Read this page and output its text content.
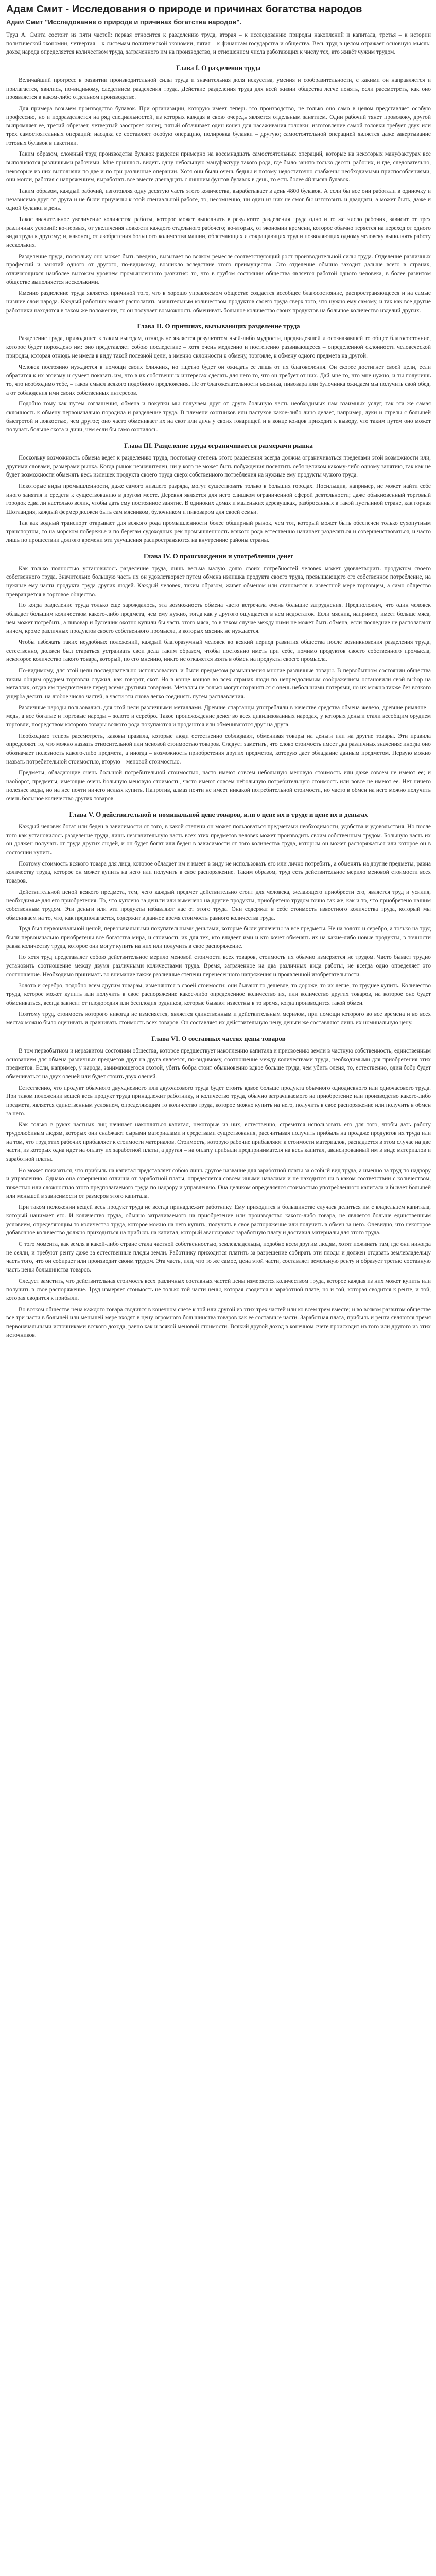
Адам Смит - Исследования о природе и причинах богатства народов
Адам Смит "Исследование о природе и причинах богатства народов".

Труд А. Смита состоит из пяти частей: первая относится к разделению труда, вторая – к исследованию природы накоплений и капитала, третья – к истории политической экономии, четвертая – к системам политической экономии, пятая – к финансам государства и общества. Весь труд в целом отражает основную мысль: доход народа определяется количеством труда, затраченного им на производство, и отношением числа работающих к числу тех, кто живёт чужим трудом.

Глава I. О разделении труда

Величайший прогресс в развитии производительной силы труда и значительная доля искусства, умения и сообразительности, с какими он направляется и прилагается, явились, по-видимому, следствием разделения труда. Действие разделения труда для всей жизни общества легче понять, если рассмотреть, как оно проявляется в каком-либо отдельном производстве.

Для примера возьмем производство булавок. При организации, которую имеет теперь это производство, не только оно само в целом представляет особую профессию, но и подразделяется на ряд специальностей, из которых каждая в свою очередь является отдельным занятием. Один рабочий тянет проволоку, другой выпрямляет ее, третий обрезает, четвертый заостряет конец, пятый обтачивает один конец для насаживания головки; изготовление самой головки требует двух или трех самостоятельных операций; насадка ее составляет особую операцию, полировка булавки – другую; самостоятельной операцией является даже завертывание готовых булавок в пакетики.

Таким образом, сложный труд производства булавок разделен примерно на восемнадцать самостоятельных операций, которые на некоторых мануфактурах все выполняются различными рабочими. Мне пришлось видеть одну небольшую мануфактуру такого рода, где было занято только десять рабочих, и где, следовательно, некоторые из них выполняли по две и по три различные операции. Хотя они были очень бедны и потому недостаточно снабжены необходимыми приспособлениями, они могли, работая с напряжением, выработать все вместе двенадцать с лишним фунтов булавок в день, то есть более 48 тысяч булавок.

Таким образом, каждый рабочий, изготовляя одну десятую часть этого количества, вырабатывает в день 4800 булавок. А если бы все они работали в одиночку и независимо друг от друга и не были приучены к этой специальной работе, то, несомненно, ни один из них не смог бы изготовить и двадцати, а может быть, даже и одной булавки в день.

Такое значительное увеличение количества работы, которое может выполнить в результате разделения труда одно и то же число рабочих, зависит от трех различных условий: во-первых, от увеличения ловкости каждого отдельного рабочего; во-вторых, от экономии времени, которое обычно теряется на переход от одного вида труда к другому; и, наконец, от изобретения большого количества машин, облегчающих и сокращающих труд и позволяющих одному человеку выполнять работу нескольких.

Разделение труда, поскольку оно может быть введено, вызывает во всяком ремесле соответствующий рост производительной силы труда. Отделение различных профессий и занятий одного от другого, по-видимому, возникло вследствие этого преимущества. Это отделение обычно заходит дальше всего в странах, отличающихся наиболее высоким уровнем промышленного развития: то, что в грубом состоянии общества является работой одного человека, в более развитом обществе выполняется несколькими.

Именно разделение труда является причиной того, что в хорошо управляемом обществе создается всеобщее благосостояние, распространяющееся и на самые низшие слои народа. Каждый работник может располагать значительным количеством продуктов своего труда сверх того, что нужно ему самому, и так как все другие работники находятся в таком же положении, то он получает возможность обменивать большое количество своих продуктов на большое количество изделий других.

Глава II. О причинах, вызывающих разделение труда

Разделение труда, приводящее к таким выгодам, отнюдь не является результатом чьей-либо мудрости, предвидевшей и осознававшей то общее благосостояние, которое будет порождено им: оно представляет собою последствие – хотя очень медленно и постепенно развивающееся – определенной склонности человеческой природы, которая отнюдь не имела в виду такой полезной цели, а именно склонности к обмену, торговле, к обмену одного предмета на другой.

Человек постоянно нуждается в помощи своих ближних, но тщетно будет он ожидать ее лишь от их благоволения. Он скорее достигнет своей цели, если обратится к их эгоизму и сумеет показать им, что в их собственных интересах сделать для него то, что он требует от них. Дай мне то, что мне нужно, и ты получишь то, что необходимо тебе, – таков смысл всякого подобного предложения. Не от благожелательности мясника, пивовара или булочника ожидаем мы получить свой обед, а от соблюдения ими своих собственных интересов.

Подобно тому как путем соглашения, обмена и покупки мы получаем друг от друга большую часть необходимых нам взаимных услуг, так эта же самая склонность к обмену первоначально породила и разделение труда. В племени охотников или пастухов какое-либо лицо делает, например, луки и стрелы с большей быстротой и ловкостью, чем другое; оно часто обменивает их на скот или дичь у своих товарищей и в конце концов приходит к выводу, что таким путем оно может получать больше скота и дичи, чем если бы само охотилось.

Глава III. Разделение труда ограничивается размерами рынка

Поскольку возможность обмена ведет к разделению труда, постольку степень этого разделения всегда должна ограничиваться пределами этой возможности или, другими словами, размерами рынка. Когда рынок незначителен, ни у кого не может быть побуждения посвятить себя целиком какому-либо одному занятию, так как не будет возможности обменять весь излишек продукта своего труда сверх собственного потребления на нужные ему продукты чужого труда.

Некоторые виды промышленности, даже самого низшего разряда, могут существовать только в больших городах. Носильщик, например, не может найти себе иного занятия и средств к существованию в другом месте. Деревня является для него слишком ограниченной сферой деятельности; даже обыкновенный торговый городок едва ли настолько велик, чтобы дать ему постоянное занятие. В одиноких домах и маленьких деревушках, разбросанных в такой пустынной стране, как горная Шотландия, каждый фермер должен быть сам мясником, булочником и пивоваром для своей семьи.

Так как водный транспорт открывает для всякого рода промышленности более обширный рынок, чем тот, который может быть обеспечен только сухопутным транспортом, то на морском побережье и по берегам судоходных рек промышленность всякого рода естественно начинает разделяться и совершенствоваться, и часто лишь по прошествии долгого времени эти улучшения распространяются на внутренние районы страны.

Глава IV. О происхождении и употреблении денег

Как только полностью установилось разделение труда, лишь весьма малую долю своих потребностей человек может удовлетворить продуктом своего собственного труда. Значительно большую часть их он удовлетворяет путем обмена излишка продукта своего труда, превышающего его собственное потребление, на нужные ему части продукта труда других людей. Каждый человек, таким образом, живет обменом или становится в известной мере торговцем, а само общество превращается в торговое общество.

Но когда разделение труда только еще зарождалось, эта возможность обмена часто встречала очень большие затруднения. Предположим, что один человек обладает большим количеством какого-либо предмета, чем ему нужно, тогда как у другого ощущается в нем недостаток. Если мясник, например, имеет больше мяса, чем может потребить, а пивовар и булочник охотно купили бы часть этого мяса, то в таком случае между ними не может быть обмена, если последние не располагают ничем, кроме различных продуктов своего собственного промысла, в которых мясник не нуждается.

Чтобы избежать таких неудобных положений, каждый благоразумный человек во всякий период развития общества после возникновения разделения труда, естественно, должен был стараться устраивать свои дела таким образом, чтобы постоянно иметь при себе, помимо продуктов своего собственного промысла, некоторое количество такого товара, который, по его мнению, никто не откажется взять в обмен на продукты своего промысла.

По-видимому, для этой цели последовательно использовались и были предметом размышления многие различные товары. В первобытном состоянии общества таким общим орудием торговли служил, как говорят, скот. Но в конце концов во всех странах люди по непреодолимым соображениям остановили свой выбор на металлах, отдав им предпочтение перед всеми другими товарами. Металлы не только могут сохраняться с очень небольшими потерями, но их можно также без всякого ущерба делить на любое число частей, а части эти снова легко соединять путем расплавления.

Различные народы пользовались для этой цели различными металлами. Древние спартанцы употребляли в качестве средства обмена железо, древние римляне – медь, а все богатые и торговые народы – золото и серебро. Такое происхождение денег во всех цивилизованных народах, у которых деньги стали всеобщим орудием торговли, посредством которого товары всякого рода покупаются и продаются или обмениваются друг на друга.

Необходимо теперь рассмотреть, каковы правила, которые люди естественно соблюдают, обменивая товары на деньги или на другие товары. Эти правила определяют то, что можно назвать относительной или меновой стоимостью товаров. Следует заметить, что слово стоимость имеет два различных значения: иногда оно обозначает полезность какого-либо предмета, а иногда – возможность приобретения других предметов, которую дает обладание данным предметом. Первую можно назвать потребительной стоимостью, вторую – меновой стоимостью.

Предметы, обладающие очень большой потребительной стоимостью, часто имеют совсем небольшую меновую стоимость или даже совсем не имеют ее; и наоборот, предметы, имеющие очень большую меновую стоимость, часто имеют совсем небольшую потребительную стоимость или вовсе не имеют ее. Нет ничего полезнее воды, но на нее почти ничего нельзя купить. Напротив, алмаз почти не имеет никакой потребительной стоимости, но часто в обмен на него можно получить очень большое количество других товаров.

Глава V. О действительной и номинальной цене товаров, или о цене их в труде и цене их в деньгах

Каждый человек богат или беден в зависимости от того, в какой степени он может пользоваться предметами необходимости, удобства и удовольствия. Но после того как установилось разделение труда, лишь незначительную часть всех этих предметов человек может производить своим собственным трудом. Большую часть их он должен получать от труда других людей, и он будет богат или беден в зависимости от того количества труда, которым он может распоряжаться или которое он в состоянии купить.

Поэтому стоимость всякого товара для лица, которое обладает им и имеет в виду не использовать его или лично потребить, а обменять на другие предметы, равна количеству труда, которое он может купить на него или получить в свое распоряжение. Таким образом, труд есть действительное мерило меновой стоимости всех товаров.

Действительной ценой всякого предмета, тем, чего каждый предмет действительно стоит для человека, желающего приобрести его, является труд и усилия, необходимые для его приобретения. То, что куплено за деньги или выменено на другие продукты, приобретено трудом точно так же, как и то, что приобретено нашим собственным трудом. Эти деньги или эти продукты избавляют нас от этого труда. Они содержат в себе стоимость известного количества труда, который мы обмениваем на то, что, как предполагается, содержит в данное время стоимость равного количества труда.

Труд был первоначальной ценой, первоначальными покупательными деньгами, которые были уплачены за все предметы. Не на золото и серебро, а только на труд были первоначально приобретены все богатства мира, и стоимость их для тех, кто владеет ими и кто хочет обменять их на какие-либо новые продукты, в точности равна количеству труда, которое они могут купить на них или получить в свое распоряжение.

Но хотя труд представляет собою действительное мерило меновой стоимости всех товаров, стоимость их обычно измеряется не трудом. Часто бывает трудно установить соотношение между двумя различными количествами труда. Время, затраченное на два различных вида работы, не всегда одно определяет это соотношение. Необходимо принимать во внимание также различные степени перенесенного напряжения и проявленной изобретательности.

Золото и серебро, подобно всем другим товарам, изменяются в своей стоимости: они бывают то дешевле, то дороже, то их легче, то труднее купить. Количество труда, которое может купить или получить в свое распоряжение какое-либо определенное количество их, или количество других товаров, на которое оно будет обмениваться, всегда зависит от плодородия или бесплодия рудников, которые бывают известны в то время, когда производится такой обмен.

Поэтому труд, стоимость которого никогда не изменяется, является единственным и действительным мерилом, при помощи которого во все времена и во всех местах можно было оценивать и сравнивать стоимость всех товаров. Он составляет их действительную цену, деньги же составляют лишь их номинальную цену.

Глава VI. О составных частях цены товаров

В том первобытном и неразвитом состоянии общества, которое предшествует накоплению капитала и присвоению земли в частную собственность, единственным основанием для обмена различных предметов друг на друга является, по-видимому, соотношение между количествами труда, необходимыми для приобретения этих предметов. Если, например, у народа, занимающегося охотой, убить бобра стоит обыкновенно вдвое больше труда, чем убить оленя, то, естественно, один бобр будет обмениваться на двух оленей или будет стоить двух оленей.

Естественно, что продукт обычного двухдневного или двухчасового труда будет стоить вдвое больше продукта обычного однодневного или одночасового труда. При таком положении вещей весь продукт труда принадлежит работнику, и количество труда, обычно затрачиваемого на приобретение или производство какого-либо предмета, является единственным условием, определяющим то количество труда, которое можно купить на него, получить в свое распоряжение или получить в обмен за него.

Как только в руках частных лиц начинает накопляться капитал, некоторые из них, естественно, стремятся использовать его для того, чтобы дать работу трудолюбивым людям, которых они снабжают сырыми материалами и средствами существования, рассчитывая получить прибыль на продаже продуктов их труда или на том, что труд этих рабочих прибавляет к стоимости материалов. Стоимость, которую рабочие прибавляют к стоимости материалов, распадается в этом случае на две части, из которых одна идет на оплату их заработной платы, а другая – на оплату прибыли предпринимателя на весь капитал, авансированный им в виде материалов и заработной платы.

Но может показаться, что прибыль на капитал представляет собою лишь другое название для заработной платы за особый вид труда, а именно за труд по надзору и управлению. Однако она совершенно отлична от заработной платы, определяется совсем иными началами и не находится ни в каком соответствии с количеством, тяжестью или сложностью этого предполагаемого труда по надзору и управлению. Она целиком определяется стоимостью употребленного капитала и бывает большей или меньшей в зависимости от размеров этого капитала.

При таком положении вещей весь продукт труда не всегда принадлежит работнику. Ему приходится в большинстве случаев делиться им с владельцем капитала, который нанимает его. И количество труда, обычно затрачиваемого на приобретение или производство какого-либо товара, не является больше единственным условием, определяющим то количество труда, которое можно на него купить, получить в свое распоряжение или получить в обмен за него. Очевидно, что некоторое добавочное количество должно приходиться на прибыль на капитал, который авансировал заработную плату и доставил материалы для этого труда.

С того момента, как земля в какой-либо стране стала частной собственностью, землевладельцы, подобно всем другим людям, хотят пожинать там, где они никогда не сеяли, и требуют ренту даже за естественные плоды земли. Работнику приходится платить за разрешение собирать эти плоды и должен отдавать землевладельцу часть того, что он собирает или производит своим трудом. Эта часть, или, что то же самое, цена этой части, составляет земельную ренту и образует третью составную часть цены большинства товаров.

Следует заметить, что действительная стоимость всех различных составных частей цены измеряется количеством труда, которое каждая из них может купить или получить в свое распоряжение. Труд измеряет стоимость не только той части цены, которая сводится к заработной плате, но и той, которая сводится к ренте, и той, которая сводится к прибыли.

Во всяком обществе цена каждого товара сводится в конечном счете к той или другой из этих трех частей или ко всем трем вместе; и во всяком развитом обществе все три части в большей или меньшей мере входят в цену огромного большинства товаров как ее составные части. Заработная плата, прибыль и рента являются тремя первоначальными источниками всякого дохода, равно как и всякой меновой стоимости. Всякий другой доход в конечном счете происходит из того или другого из этих источников.
